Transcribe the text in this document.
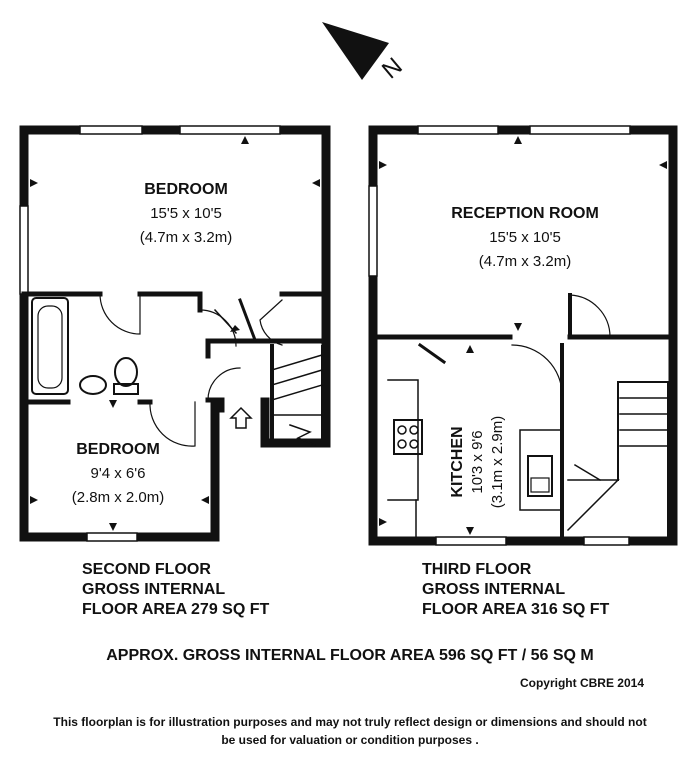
N
BEDROOM
15'5 x 10'5
(4.7m x 3.2m)
BEDROOM
9'4 x 6'6
(2.8m x 2.0m)
RECEPTION ROOM
15'5 x 10'5
(4.7m x 3.2m)
KITCHEN 10'3 x 9'6 (3.1m x 2.9m)
SECOND FLOOR
GROSS INTERNAL
FLOOR AREA 279 SQ FT
THIRD FLOOR
GROSS INTERNAL
FLOOR AREA 316 SQ FT
APPROX. GROSS INTERNAL FLOOR AREA 596 SQ FT / 56 SQ M
Copyright CBRE 2014
This floorplan is for illustration purposes and may not truly reflect design or dimensions and should not
be used for valuation or condition purposes .
